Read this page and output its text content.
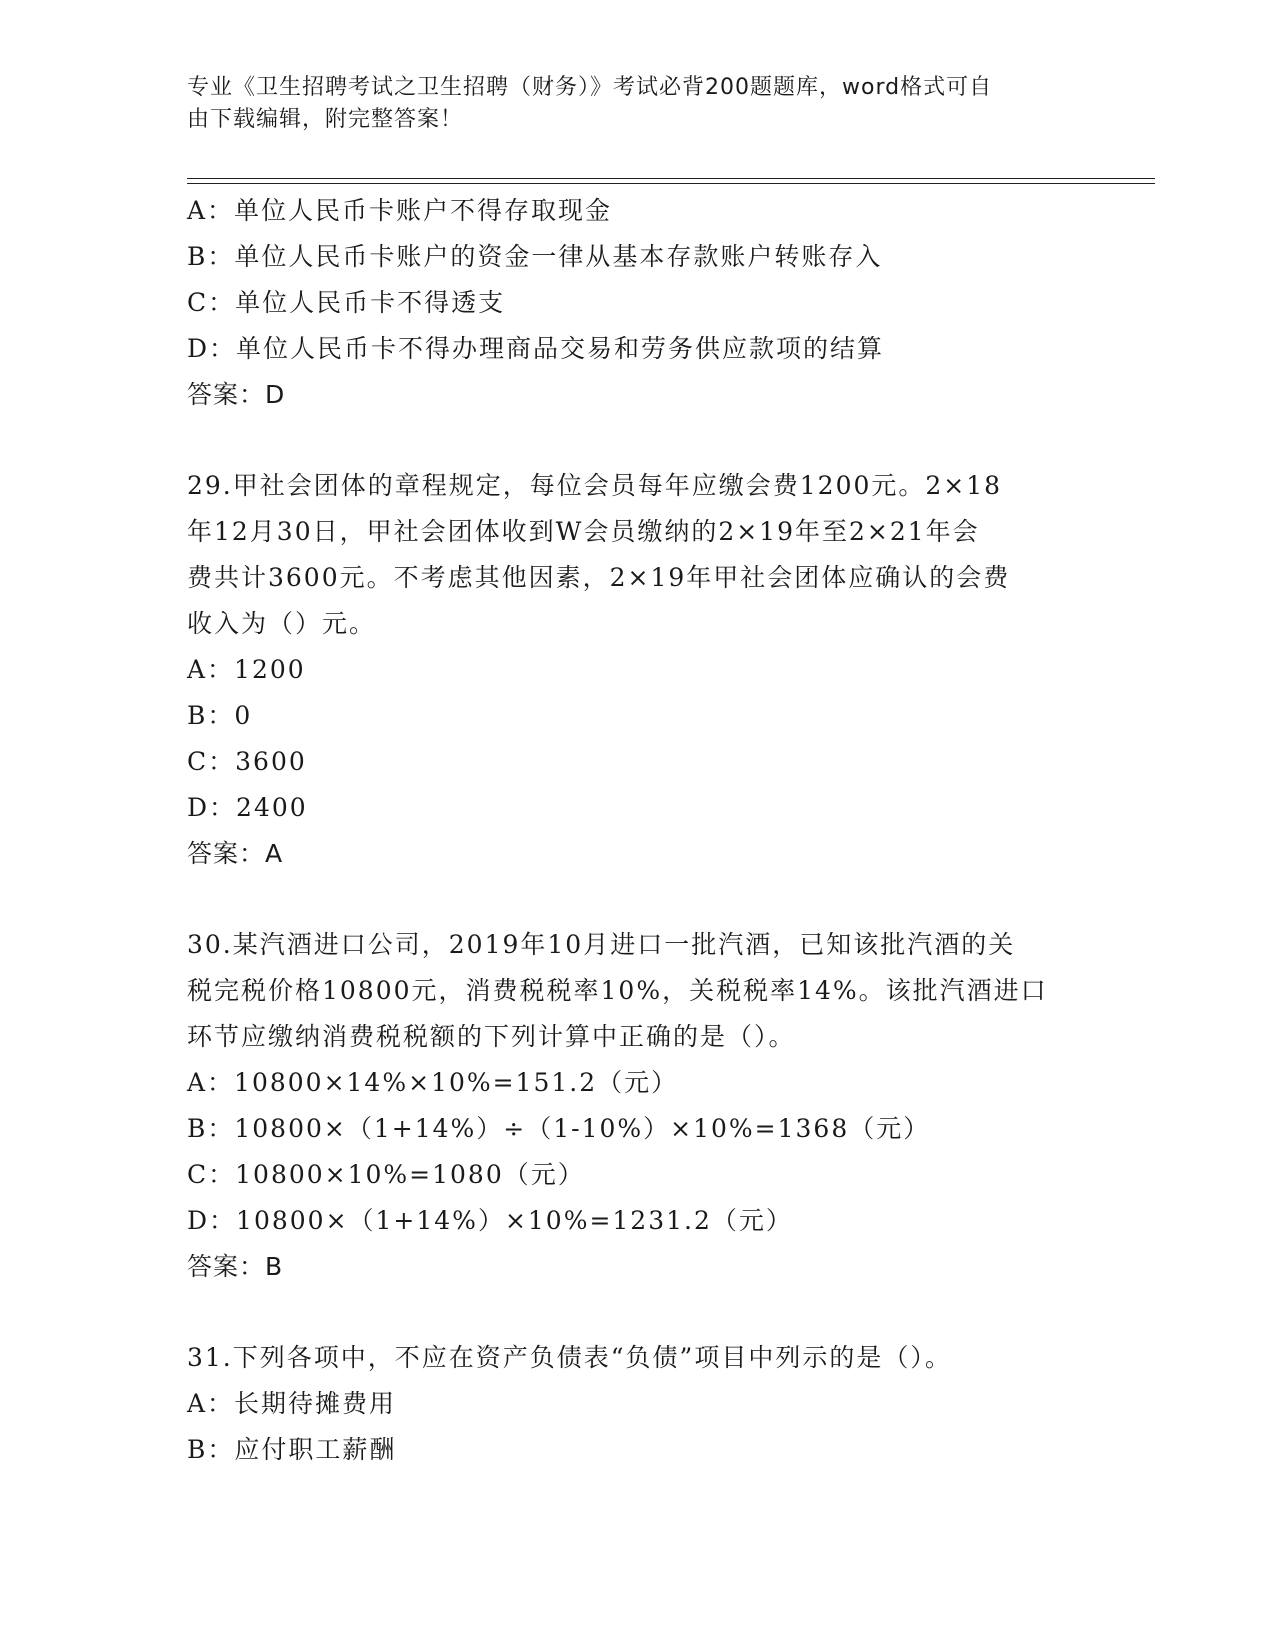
专业《卫生招聘考试之卫生招聘（财务）》考试必背200题题库，word格式可自
由下载编辑，附完整答案！
A：单位人民币卡账户不得存取现金
B：单位人民币卡账户的资金一律从基本存款账户转账存入
C：单位人民币卡不得透支
D：单位人民币卡不得办理商品交易和劳务供应款项的结算
答案：D
29.甲社会团体的章程规定，每位会员每年应缴会费1200元。2×18
年12月30日，甲社会团体收到W会员缴纳的2×19年至2×21年会
费共计3600元。不考虑其他因素，2×19年甲社会团体应确认的会费
收入为（）元。
A：1200
B：0
C：3600
D：2400
答案：A
30.某汽酒进口公司，2019年10月进口一批汽酒，已知该批汽酒的关
税完税价格10800元，消费税税率10%，关税税率14%。该批汽酒进口
环节应缴纳消费税税额的下列计算中正确的是（）。
A：10800×14%×10%=151.2（元）
B：10800×（1+14%）÷（1-10%）×10%=1368（元）
C：10800×10%=1080（元）
D：10800×（1+14%）×10%=1231.2（元）
答案：B
31.下列各项中，不应在资产负债表“负债”项目中列示的是（）。
A：长期待摊费用
B：应付职工薪酬
